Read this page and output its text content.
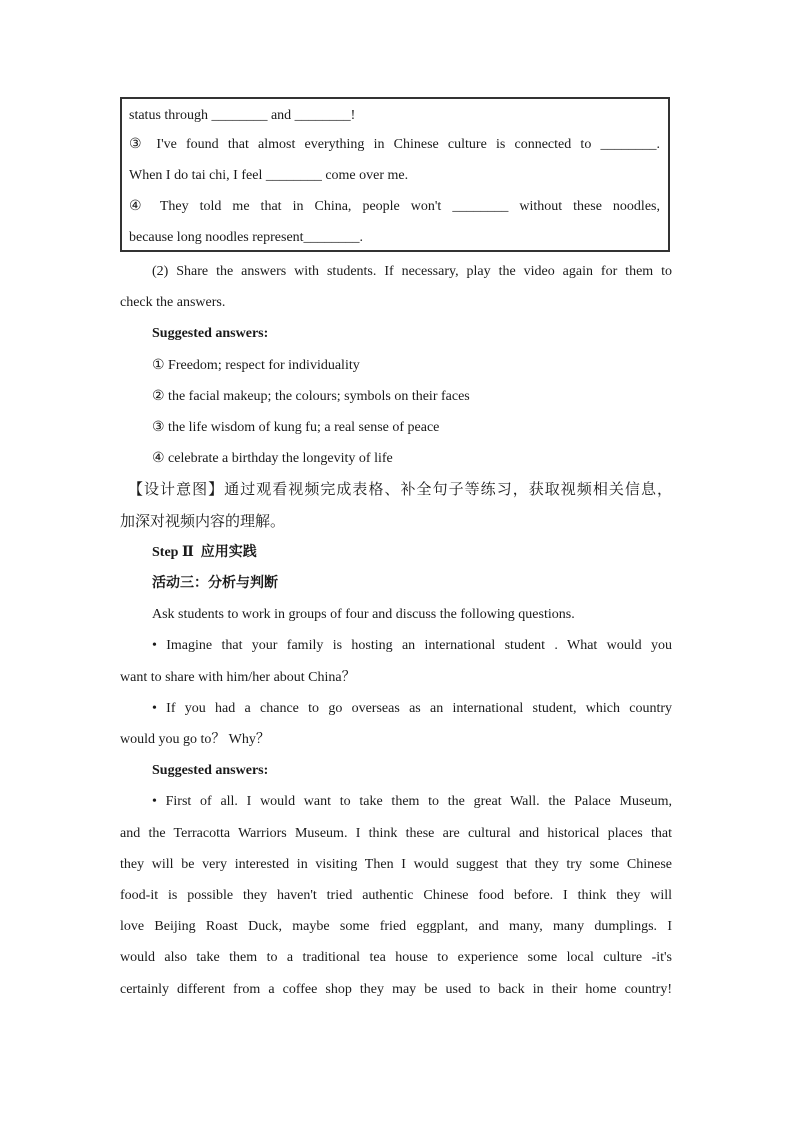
status through ________ and ________!
③ I've found that almost everything in Chinese culture is connected to ________.
When I do tai chi, I feel ________ come over me.
④ They told me that in China, people won't ________ without these noodles,
because long noodles represent________.
(2) Share the answers with students. If necessary, play the video again for them to
check the answers.
Suggested answers:
① Freedom; respect for individuality
② the facial makeup; the colours; symbols on their faces
③ the life wisdom of kung fu; a real sense of peace
④ celebrate a birthday the longevity of life
【设计意图】通过观看视频完成表格、补全句子等练习，获取视频相关信息，
加深对视频内容的理解。
Step Ⅱ 应用实践
活动三：分析与判断
Ask students to work in groups of four and discuss the following questions.
• Imagine that your family is hosting an international student . What would you
want to share with him/her about China？
• If you had a chance to go overseas as an international student, which country
would you go to？ Why？
Suggested answers:
• First of all. I would want to take them to the great Wall. the Palace Museum,
and the Terracotta Warriors Museum. I think these are cultural and historical places that
they will be very interested in visiting Then I would suggest that they try some Chinese
food-it is possible they haven't tried authentic Chinese food before. I think they will
love Beijing Roast Duck, maybe some fried eggplant, and many, many dumplings. I
would also take them to a traditional tea house to experience some local culture -it's
certainly different from a coffee shop they may be used to back in their home country!
